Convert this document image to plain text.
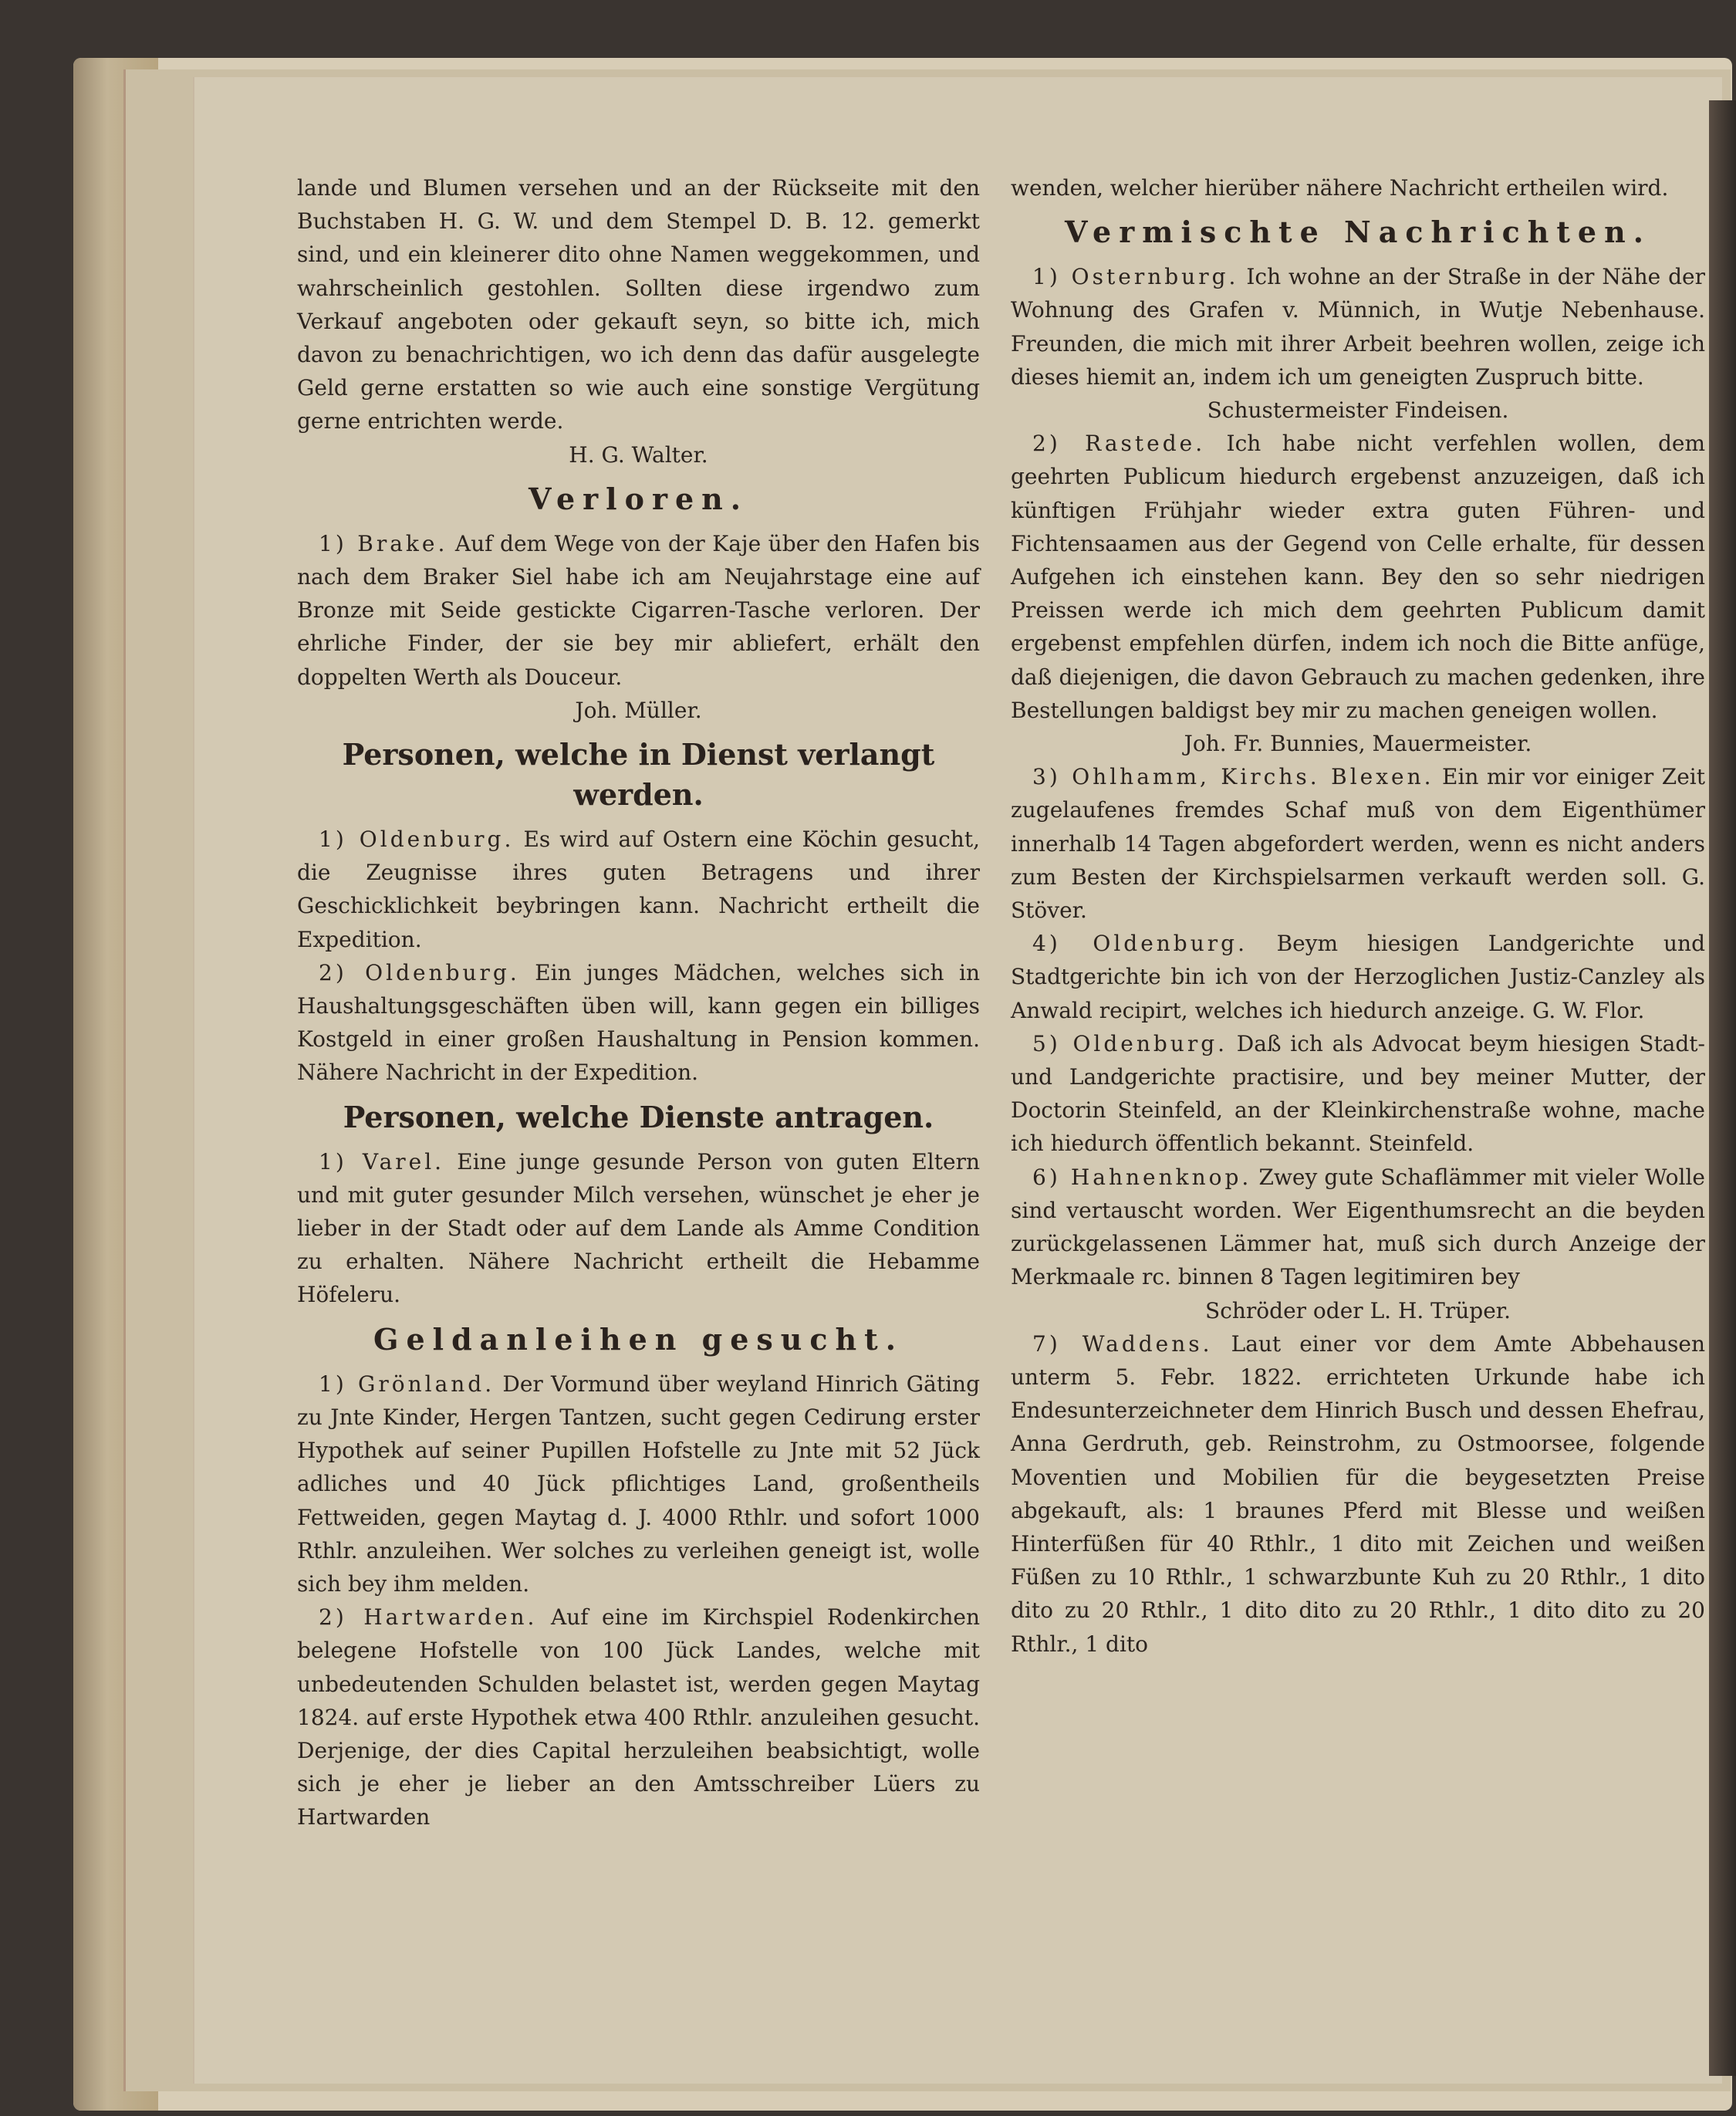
lande und Blumen versehen und an der Rückseite mit den Buchstaben H. G. W. und dem Stempel D. B. 12. gemerkt sind, und ein kleinerer dito ohne Namen weggekommen, und wahrscheinlich gestohlen. Sollten diese irgendwo zum Verkauf angeboten oder gekauft seyn, so bitte ich, mich davon zu benachrichtigen, wo ich denn das dafür ausgelegte Geld gerne erstatten so wie auch eine sonstige Vergütung gerne entrichten werde.

H. G. Walter.

Verloren.

1) Brake. Auf dem Wege von der Kaje über den Hafen bis nach dem Braker Siel habe ich am Neujahrstage eine auf Bronze mit Seide gestickte Cigarren-Tasche verloren. Der ehrliche Finder, der sie bey mir abliefert, erhält den doppelten Werth als Douceur.

Joh. Müller.

Personen, welche in Dienst verlangt werden.

1) Oldenburg. Es wird auf Ostern eine Köchin gesucht, die Zeugnisse ihres guten Betragens und ihrer Geschicklichkeit beybringen kann. Nachricht ertheilt die Expedition.

2) Oldenburg. Ein junges Mädchen, welches sich in Haushaltungsgeschäften üben will, kann gegen ein billiges Kostgeld in einer großen Haushaltung in Pension kommen. Nähere Nachricht in der Expedition.

Personen, welche Dienste antragen.

1) Varel. Eine junge gesunde Person von guten Eltern und mit guter gesunder Milch versehen, wünschet je eher je lieber in der Stadt oder auf dem Lande als Amme Condition zu erhalten. Nähere Nachricht ertheilt die Hebamme Höfeleru.

Geldanleihen gesucht.

1) Grönland. Der Vormund über weyland Hinrich Gäting zu Jnte Kinder, Hergen Tantzen, sucht gegen Cedirung erster Hypothek auf seiner Pupillen Hofstelle zu Jnte mit 52 Jück adliches und 40 Jück pflichtiges Land, großentheils Fettweiden, gegen Maytag d. J. 4000 Rthlr. und sofort 1000 Rthlr. anzuleihen. Wer solches zu verleihen geneigt ist, wolle sich bey ihm melden.

2) Hartwarden. Auf eine im Kirchspiel Rodenkirchen belegene Hofstelle von 100 Jück Landes, welche mit unbedeutenden Schulden belastet ist, werden gegen Maytag 1824. auf erste Hypothek etwa 400 Rthlr. anzuleihen gesucht. Derjenige, der dies Capital herzuleihen beabsichtigt, wolle sich je eher je lieber an den Amtsschreiber Lüers zu Hartwarden

wenden, welcher hierüber nähere Nachricht ertheilen wird.

Vermischte Nachrichten.

1) Osternburg. Ich wohne an der Straße in der Nähe der Wohnung des Grafen v. Münnich, in Wutje Nebenhause. Freunden, die mich mit ihrer Arbeit beehren wollen, zeige ich dieses hiemit an, indem ich um geneigten Zuspruch bitte.

Schustermeister Findeisen.

2) Rastede. Ich habe nicht verfehlen wollen, dem geehrten Publicum hiedurch ergebenst anzuzeigen, daß ich künftigen Frühjahr wieder extra guten Führen- und Fichtensaamen aus der Gegend von Celle erhalte, für dessen Aufgehen ich einstehen kann. Bey den so sehr niedrigen Preissen werde ich mich dem geehrten Publicum damit ergebenst empfehlen dürfen, indem ich noch die Bitte anfüge, daß diejenigen, die davon Gebrauch zu machen gedenken, ihre Bestellungen baldigst bey mir zu machen geneigen wollen.

Joh. Fr. Bunnies, Mauermeister.

3) Ohlhamm, Kirchs. Blexen. Ein mir vor einiger Zeit zugelaufenes fremdes Schaf muß von dem Eigenthümer innerhalb 14 Tagen abgefordert werden, wenn es nicht anders zum Besten der Kirchspielsarmen verkauft werden soll. G. Stöver.

4) Oldenburg. Beym hiesigen Landgerichte und Stadtgerichte bin ich von der Herzoglichen Justiz-Canzley als Anwald recipirt, welches ich hiedurch anzeige. G. W. Flor.

5) Oldenburg. Daß ich als Advocat beym hiesigen Stadt- und Landgerichte practisire, und bey meiner Mutter, der Doctorin Steinfeld, an der Kleinkirchenstraße wohne, mache ich hiedurch öffentlich bekannt. Steinfeld.

6) Hahnenknop. Zwey gute Schaflämmer mit vieler Wolle sind vertauscht worden. Wer Eigenthumsrecht an die beyden zurückgelassenen Lämmer hat, muß sich durch Anzeige der Merkmaale rc. binnen 8 Tagen legitimiren bey

Schröder oder L. H. Trüper.

7) Waddens. Laut einer vor dem Amte Abbehausen unterm 5. Febr. 1822. errichteten Urkunde habe ich Endesunterzeichneter dem Hinrich Busch und dessen Ehefrau, Anna Gerdruth, geb. Reinstrohm, zu Ostmoorsee, folgende Moventien und Mobilien für die beygesetzten Preise abgekauft, als: 1 braunes Pferd mit Blesse und weißen Hinterfüßen für 40 Rthlr., 1 dito mit Zeichen und weißen Füßen zu 10 Rthlr., 1 schwarzbunte Kuh zu 20 Rthlr., 1 dito dito zu 20 Rthlr., 1 dito dito zu 20 Rthlr., 1 dito dito zu 20 Rthlr., 1 dito
